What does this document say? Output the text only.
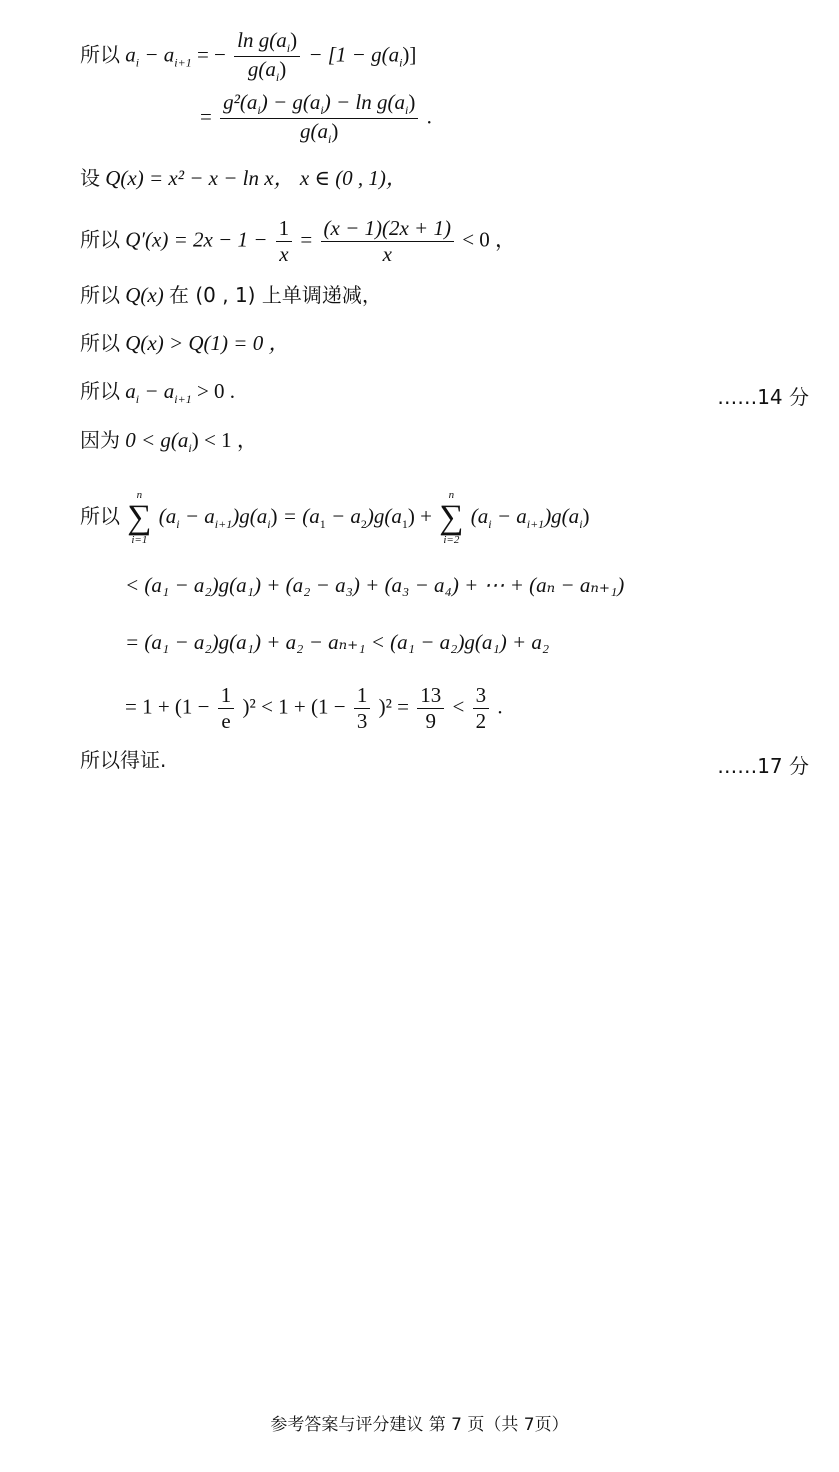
所以 $a_i - a_{i+1}$ = − $\frac{\ln g(a_i)}{g(a_i)} - [1 - g(a_i)]$
= $\frac{g^2(a_i) - g(a_i) - \ln g(a_i)}{g(a_i)}$ .
设 Q(x) = x² − x − ln x， x ∈ (0 , 1)，
所以 $Q'(x) = 2x - 1 - \frac{1}{x} = \frac{(x - 1)(2x + 1)}{x} < 0$ ，
所以 Q(x) 在 (0 , 1) 上单调递减，
所以 Q(x) > Q(1) = 0 ，
所以 $a_i - a_{i+1} > 0$ .	……14 分
因为 $0 < g(a_i) < 1$ ，
所以
n
∑
i=1
$(a_i - a_{i+1})g(a_i) = (a_1 - a_2)g(a_1)$ +
n
∑
i=2
$(a_i - a_{i+1})g(a_i)$
< (a₁ − a₂)g(a₁) + (a₂ − a₃) + (a₃ − a₄) + ⋯ + (aₙ − aₙ₊₁)
= (a₁ − a₂)g(a₁) + a₂ − aₙ₊₁ < (a₁ − a₂)g(a₁) + a₂
= $1 + (1 - \frac{1}{e} )^2 < 1 + (1 - \frac{1}{3} )^2 = \frac{13}{9} < \frac{3}{2}$ .
所以得证.	……17 分
参考答案与评分建议 第 7 页（共 7页）
